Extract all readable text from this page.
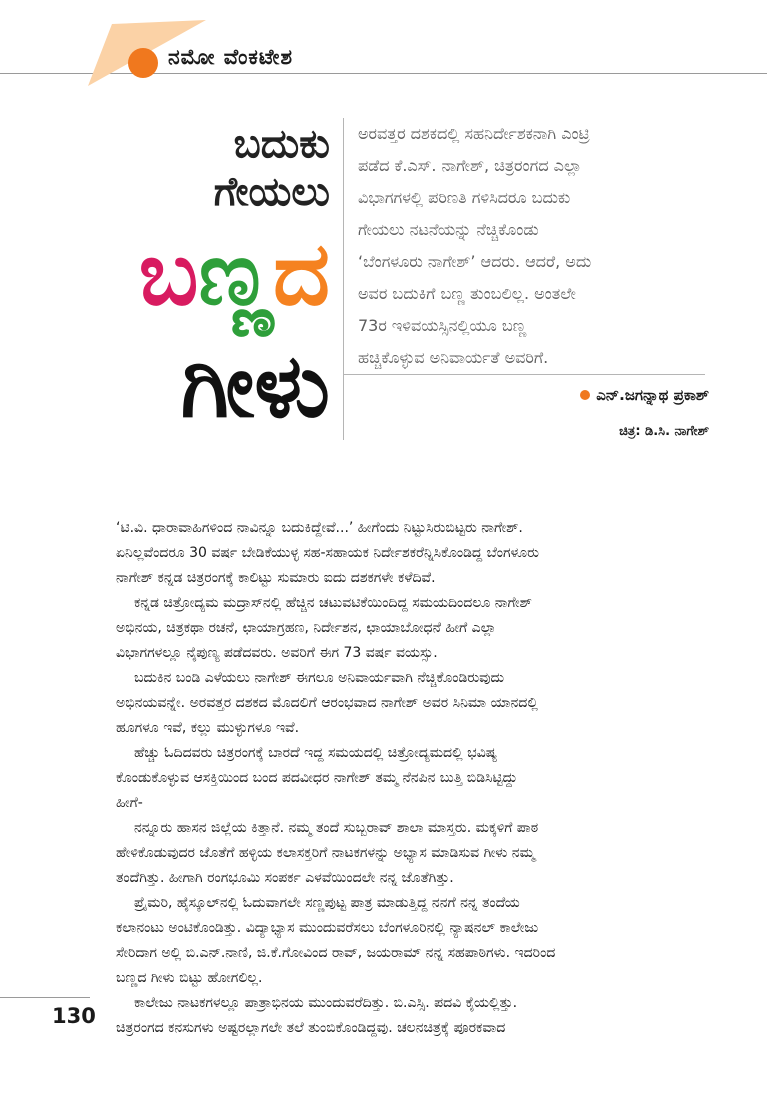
ನಮೋ ವೆಂಕಟೇಶ
ಬದುಕು
ಗೇಯಲು
ಬಣ್ಣದ
ಗೀಳು

ಅರವತ್ತರ ದಶಕದಲ್ಲಿ ಸಹನಿರ್ದೇಶಕನಾಗಿ ಎಂಟ್ರಿ

ಪಡೆದ ಕೆ.ಎಸ್. ನಾಗೇಶ್, ಚಿತ್ರರಂಗದ ಎಲ್ಲಾ

ವಿಭಾಗಗಳಲ್ಲಿ ಪರಿಣತಿ ಗಳಿಸಿದರೂ ಬದುಕು

ಗೇಯಲು ನಟನೆಯನ್ನು ನೆಚ್ಚಿಕೊಂಡು

‘ಬೆಂಗಳೂರು ನಾಗೇಶ್’ ಆದರು. ಆದರೆ, ಅದು

ಅವರ ಬದುಕಿಗೆ ಬಣ್ಣ ತುಂಬಲಿಲ್ಲ. ಅಂತಲೇ

73ರ ಇಳಿವಯಸ್ಸಿನಲ್ಲಿಯೂ ಬಣ್ಣ

ಹಚ್ಚಿಕೊಳ್ಳುವ ಅನಿವಾರ್ಯತೆ ಅವರಿಗೆ.

ಎನ್.ಜಗನ್ನಾಥ ಪ್ರಕಾಶ್
ಚಿತ್ರ: ಡಿ.ಸಿ. ನಾಗೇಶ್

‘ಟಿ.ವಿ. ಧಾರಾವಾಹಿಗಳಿಂದ ನಾವಿನ್ನೂ ಬದುಕಿದ್ದೇವೆ...’ ಹೀಗೆಂದು ನಿಟ್ಟುಸಿರುಬಿಟ್ಟರು ನಾಗೇಶ್.

ಏನಿಲ್ಲವೆಂದರೂ 30 ವರ್ಷ ಬೇಡಿಕೆಯುಳ್ಳ ಸಹ-ಸಹಾಯಕ ನಿರ್ದೇಶಕರೆನ್ನಿಸಿಕೊಂಡಿದ್ದ ಬೆಂಗಳೂರು

ನಾಗೇಶ್ ಕನ್ನಡ ಚಿತ್ರರಂಗಕ್ಕೆ ಕಾಲಿಟ್ಟು ಸುಮಾರು ಐದು ದಶಕಗಳೇ ಕಳೆದಿವೆ.

ಕನ್ನಡ ಚಿತ್ರೋದ್ಯಮ ಮದ್ರಾಸ್‌ನಲ್ಲಿ ಹೆಚ್ಚಿನ ಚಟುವಟಿಕೆಯಿಂದಿದ್ದ ಸಮಯದಿಂದಲೂ ನಾಗೇಶ್

ಅಭಿನಯ, ಚಿತ್ರಕಥಾ ರಚನೆ, ಛಾಯಾಗ್ರಹಣ, ನಿರ್ದೇಶನ, ಛಾಯಾಬೋಧನೆ ಹೀಗೆ ಎಲ್ಲಾ

ವಿಭಾಗಗಳಲ್ಲೂ ನೈಪುಣ್ಯ ಪಡೆದವರು. ಅವರಿಗೆ ಈಗ 73 ವರ್ಷ ವಯಸ್ಸು.

ಬದುಕಿನ ಬಂಡಿ ಎಳೆಯಲು ನಾಗೇಶ್ ಈಗಲೂ ಅನಿವಾರ್ಯವಾಗಿ ನೆಚ್ಚಿಕೊಂಡಿರುವುದು

ಅಭಿನಯವನ್ನೇ. ಅರವತ್ತರ ದಶಕದ ಮೊದಲಿಗೆ ಆರಂಭವಾದ ನಾಗೇಶ್ ಅವರ ಸಿನಿಮಾ ಯಾನದಲ್ಲಿ

ಹೂಗಳೂ ಇವೆ, ಕಲ್ಲು ಮುಳ್ಳುಗಳೂ ಇವೆ.

ಹೆಚ್ಚು ಓದಿದವರು ಚಿತ್ರರಂಗಕ್ಕೆ ಬಾರದೆ ಇದ್ದ ಸಮಯದಲ್ಲಿ ಚಿತ್ರೋದ್ಯಮದಲ್ಲಿ ಭವಿಷ್ಯ

ಕೊಂಡುಕೊಳ್ಳುವ ಆಸಕ್ತಿಯಿಂದ ಬಂದ ಪದವೀಧರ ನಾಗೇಶ್ ತಮ್ಮ ನೆನಪಿನ ಬುತ್ತಿ ಬಿಡಿಸಿಟ್ಟಿದ್ದು

ಹೀಗೆ-

ನನ್ನೂರು ಹಾಸನ ಜಿಲ್ಲೆಯ ಕಿತ್ತಾನೆ. ನಮ್ಮ ತಂದೆ ಸುಬ್ಬರಾವ್ ಶಾಲಾ ಮಾಸ್ತರು. ಮಕ್ಕಳಿಗೆ ಪಾಠ

ಹೇಳಿಕೊಡುವುದರ ಜೊತೆಗೆ ಹಳ್ಳಿಯ ಕಲಾಸಕ್ತರಿಗೆ ನಾಟಕಗಳನ್ನು ಅಭ್ಯಾಸ ಮಾಡಿಸುವ ಗೀಳು ನಮ್ಮ

ತಂದೆಗಿತ್ತು. ಹೀಗಾಗಿ ರಂಗಭೂಮಿ ಸಂಪರ್ಕ ಎಳವೆಯಿಂದಲೇ ನನ್ನ ಜೊತೆಗಿತ್ತು.

ಪ್ರೈಮರಿ, ಹೈಸ್ಕೂಲ್‌ನಲ್ಲಿ ಓದುವಾಗಲೇ ಸಣ್ಣಪುಟ್ಟ ಪಾತ್ರ ಮಾಡುತ್ತಿದ್ದ ನನಗೆ ನನ್ನ ತಂದೆಯ

ಕಲಾನಂಟು ಅಂಟಿಕೊಂಡಿತ್ತು. ವಿದ್ಯಾಭ್ಯಾಸ ಮುಂದುವರೆಸಲು ಬೆಂಗಳೂರಿನಲ್ಲಿ ನ್ಯಾಷನಲ್ ಕಾಲೇಜು

ಸೇರಿದಾಗ ಅಲ್ಲಿ ಬಿ.ಎನ್.ನಾಣಿ, ಜಿ.ಕೆ.ಗೋವಿಂದ ರಾವ್, ಜಯರಾಮ್ ನನ್ನ ಸಹಪಾಠಿಗಳು. ಇದರಿಂದ

ಬಣ್ಣದ ಗೀಳು ಬಿಟ್ಟು ಹೋಗಲಿಲ್ಲ.

ಕಾಲೇಜು ನಾಟಕಗಳಲ್ಲೂ ಪಾತ್ರಾಭಿನಯ ಮುಂದುವರೆದಿತ್ತು. ಬಿ.ಎಸ್ಸಿ. ಪದವಿ ಕೈಯಲ್ಲಿತ್ತು.

ಚಿತ್ರರಂಗದ ಕನಸುಗಳು ಅಷ್ಟರಲ್ಲಾಗಲೇ ತಲೆ ತುಂಬಿಕೊಂಡಿದ್ದವು. ಚಲನಚಿತ್ರಕ್ಕೆ ಪೂರಕವಾದ

130
